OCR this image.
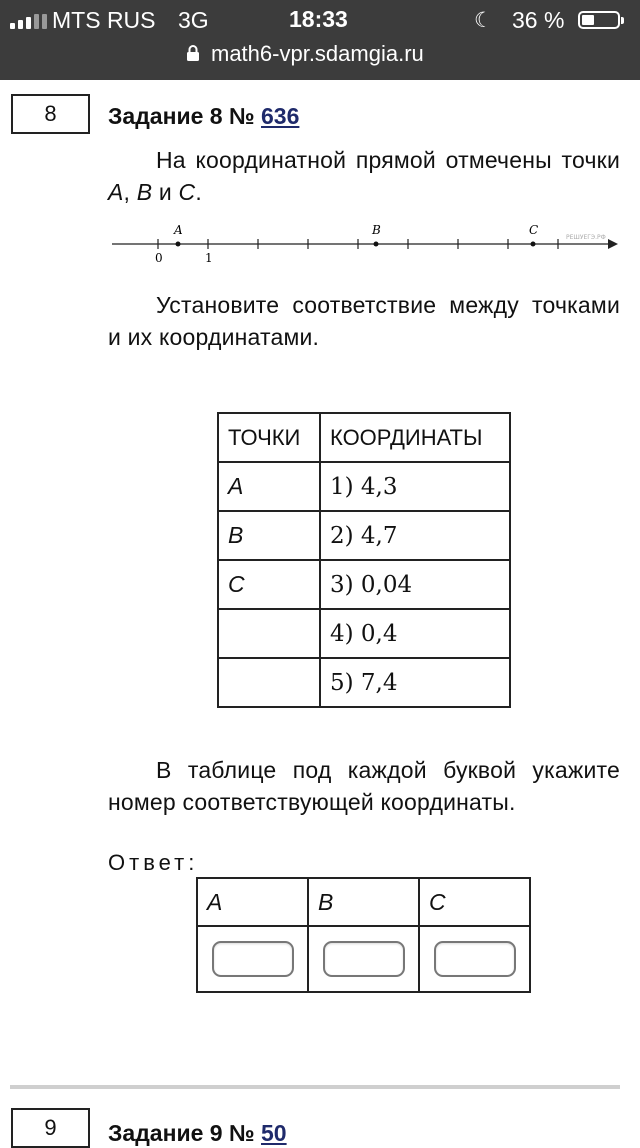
MTS RUS 3G	18:33	☾ 36 %
math6-vpr.sdamgia.ru
8	Задание 8 № 636
На координатной прямой отмечены точки A, B и C.
A	B	C
0	1
РЕШУЕГЭ.РФ
Установите соответствие между точками и их координатами.
ТОЧКИ	КООРДИНАТЫ
A	1) 4,3
B	2) 4,7
C	3) 0,04
	4) 0,4
	5) 7,4
В таблице под каждой буквой укажите номер соответствующей координаты.
Ответ:
A	B	C

9	Задание 9 № 50
